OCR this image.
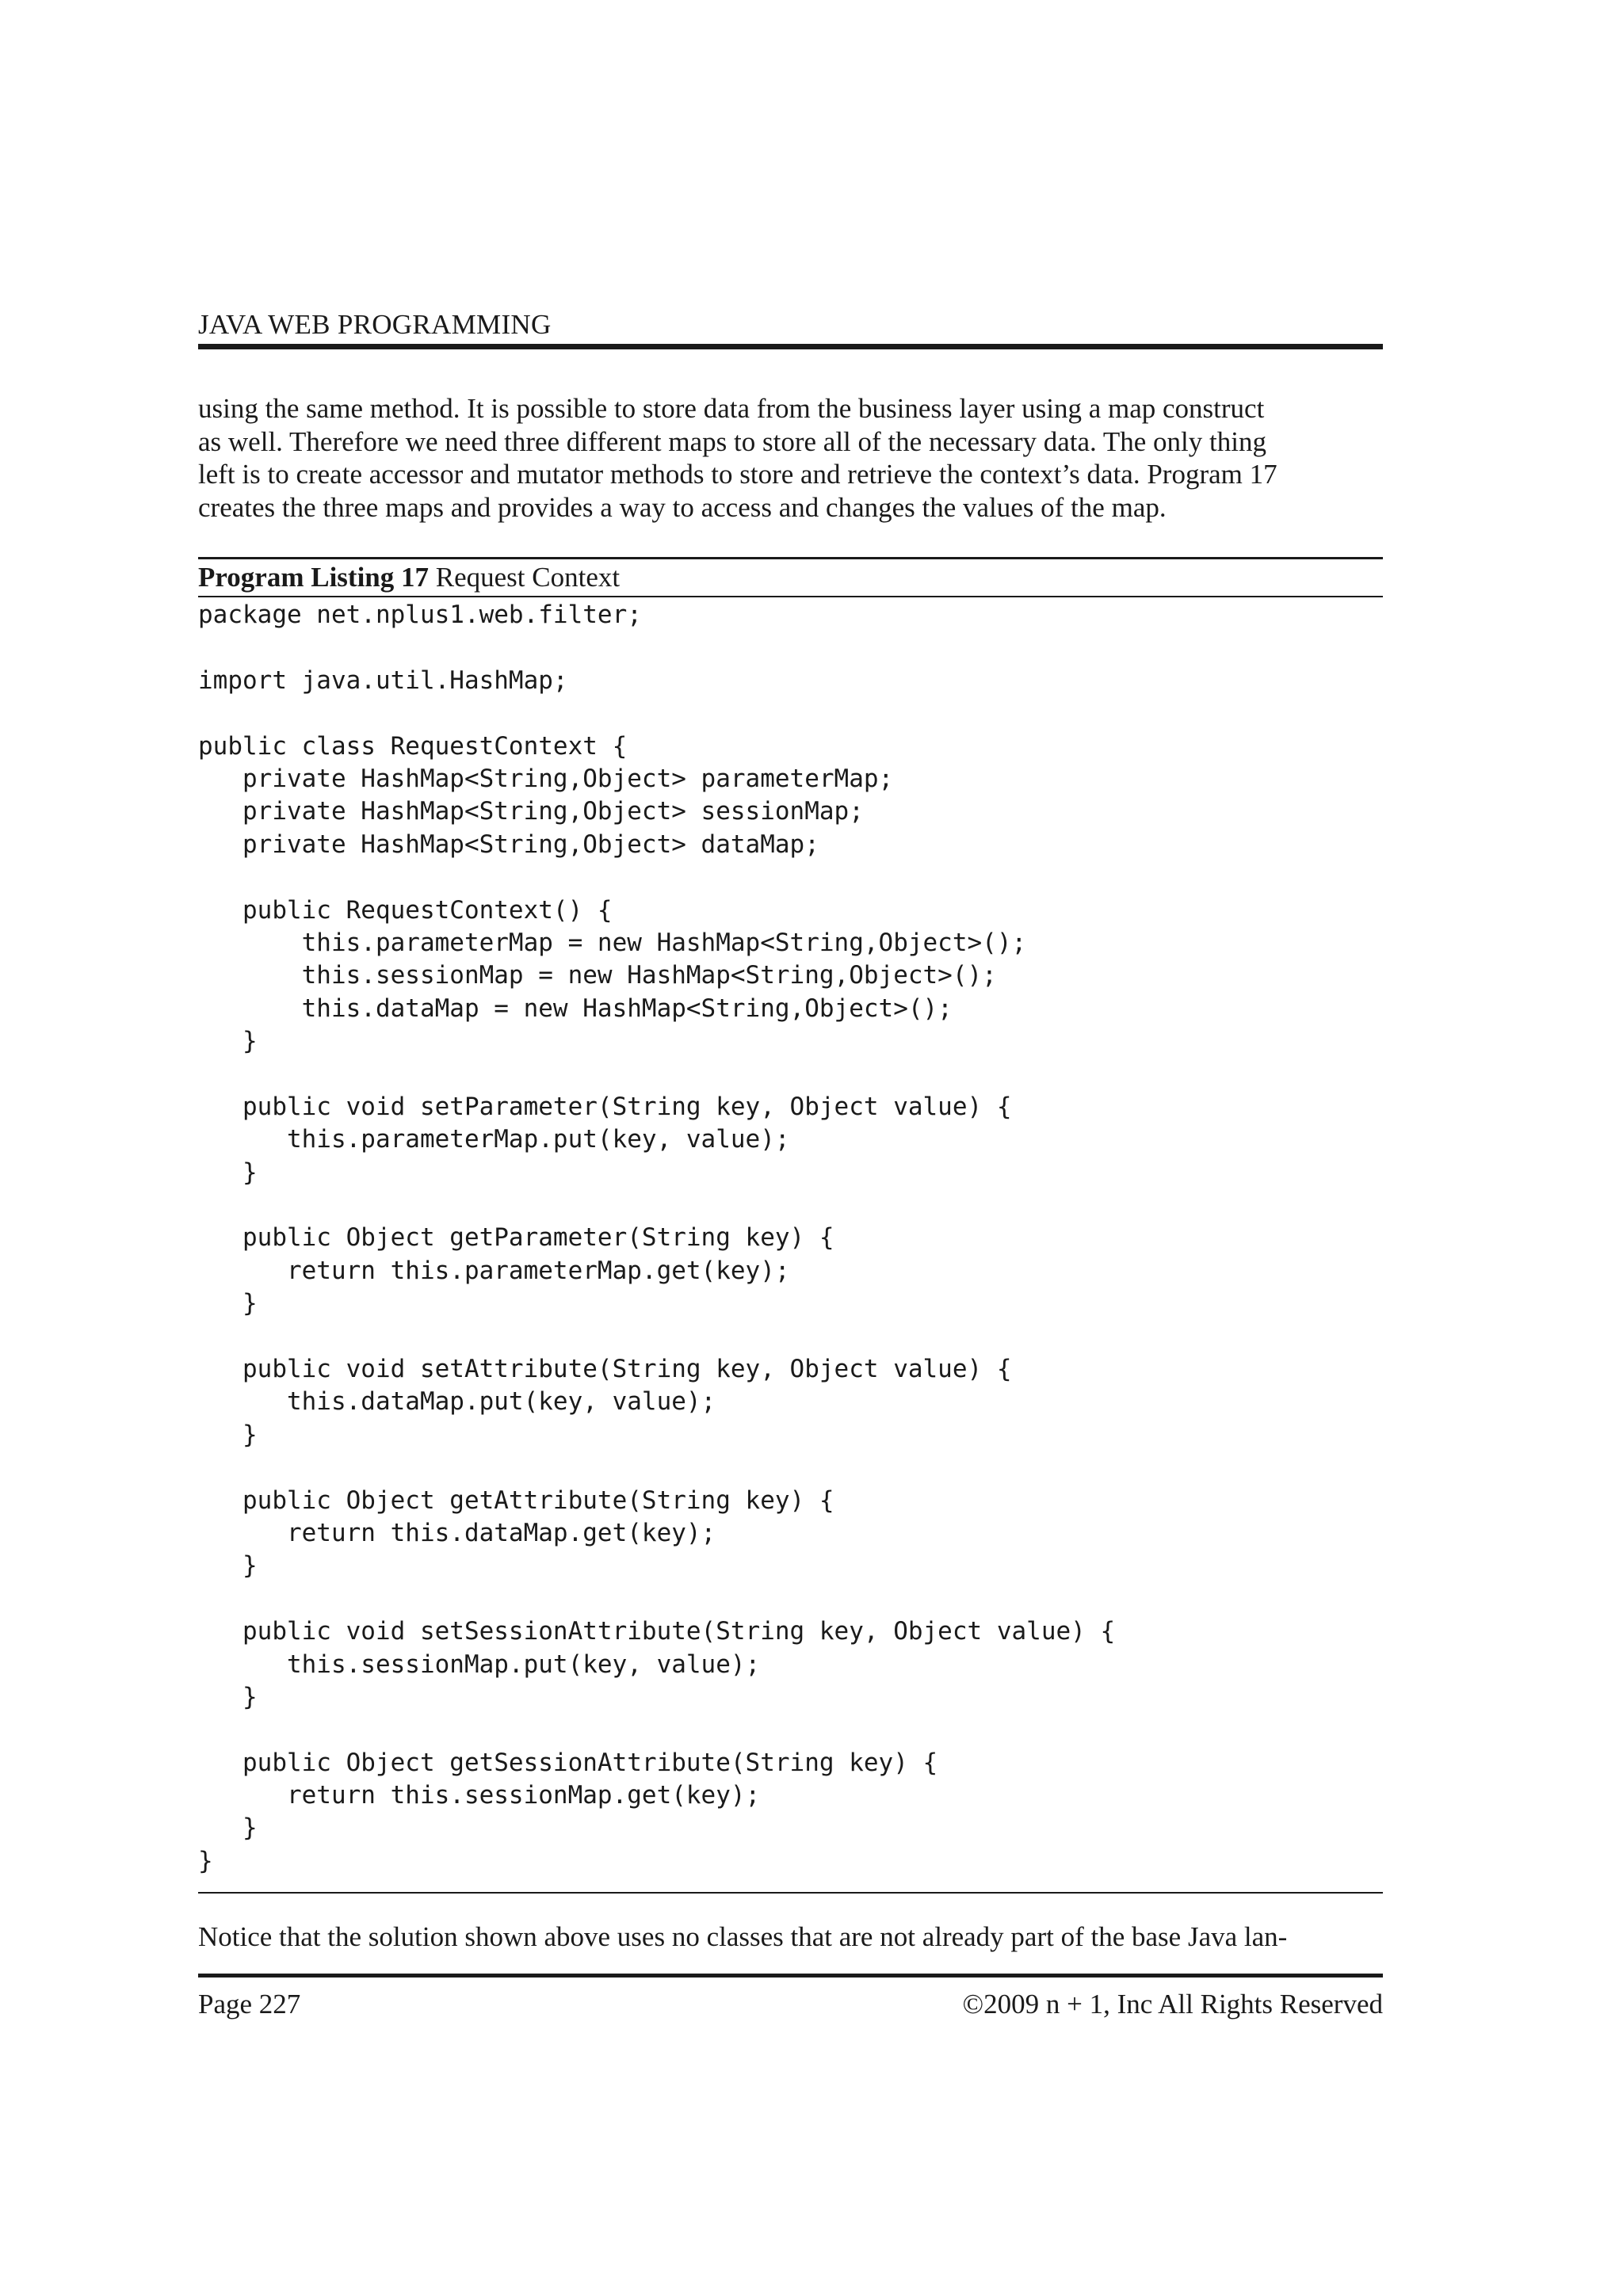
JAVA WEB PROGRAMMING
using the same method. It is possible to store data from the business layer using a map construct
as well. Therefore we need three different maps to store all of the necessary data. The only thing
left is to create accessor and mutator methods to store and retrieve the context’s data. Program 17
creates the three maps and provides a way to access and changes the values of the map.
Program Listing 17 Request Context
package net.nplus1.web.filter;
import java.util.HashMap;
public class RequestContext {
private HashMap<String,Object> parameterMap;
private HashMap<String,Object> sessionMap;
private HashMap<String,Object> dataMap;
public RequestContext() {
this.parameterMap = new HashMap<String,Object>();
this.sessionMap = new HashMap<String,Object>();
this.dataMap = new HashMap<String,Object>();
}
public void setParameter(String key, Object value) {
this.parameterMap.put(key, value);
}
public Object getParameter(String key) {
return this.parameterMap.get(key);
}
public void setAttribute(String key, Object value) {
this.dataMap.put(key, value);
}
public Object getAttribute(String key) {
return this.dataMap.get(key);
}
public void setSessionAttribute(String key, Object value) {
this.sessionMap.put(key, value);
}
public Object getSessionAttribute(String key) {
return this.sessionMap.get(key);
}
}
Notice that the solution shown above uses no classes that are not already part of the base Java lan-
Page 227	©2009 n + 1, Inc All Rights Reserved
